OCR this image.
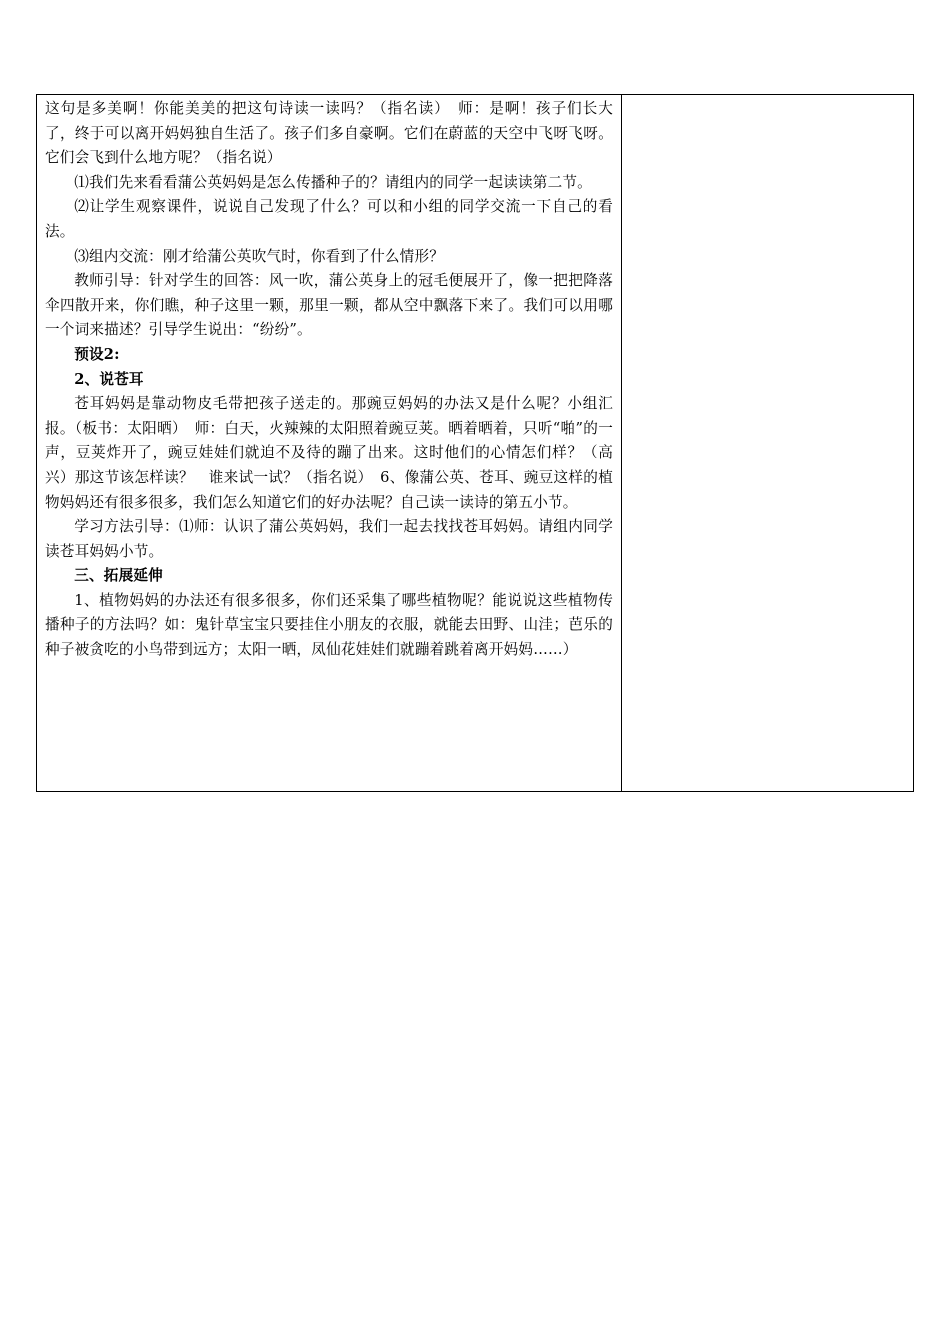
这句是多美啊！你能美美的把这句诗读一读吗？（指名读）　师：是啊！孩子们长大了，终于可以离开妈妈独自生活了。孩子们多自豪啊。它们在蔚蓝的天空中飞呀飞呀。它们会飞到什么地方呢？（指名说）

⑴我们先来看看蒲公英妈妈是怎么传播种子的？请组内的同学一起读读第二节。

⑵让学生观察课件，说说自己发现了什么？可以和小组的同学交流一下自己的看法。

⑶组内交流：刚才给蒲公英吹气时，你看到了什么情形？

教师引导：针对学生的回答：风一吹，蒲公英身上的冠毛便展开了，像一把把降落伞四散开来，你们瞧，种子这里一颗，那里一颗，都从空中飘落下来了。我们可以用哪一个词来描述？引导学生说出：“纷纷”。

预设2:

2、说苍耳

苍耳妈妈是靠动物皮毛带把孩子送走的。那豌豆妈妈的办法又是什么呢？小组汇报。（板书：太阳晒）　师：白天，火辣辣的太阳照着豌豆荚。晒着晒着，只听“啪”的一声，豆荚炸开了，豌豆娃娃们就迫不及待的蹦了出来。这时他们的心情怎们样？（高兴）那这节该怎样读？　谁来试一试？（指名说）　6、像蒲公英、苍耳、豌豆这样的植物妈妈还有很多很多，我们怎么知道它们的好办法呢？自己读一读诗的第五小节。

学习方法引导：⑴师：认识了蒲公英妈妈，我们一起去找找苍耳妈妈。请组内同学读苍耳妈妈小节。

三、拓展延伸

1、植物妈妈的办法还有很多很多，你们还采集了哪些植物呢？能说说这些植物传播种子的方法吗？如：鬼针草宝宝只要挂住小朋友的衣服，就能去田野、山洼；芭乐的种子被贪吃的小鸟带到远方；太阳一晒，凤仙花娃娃们就蹦着跳着离开妈妈……）
